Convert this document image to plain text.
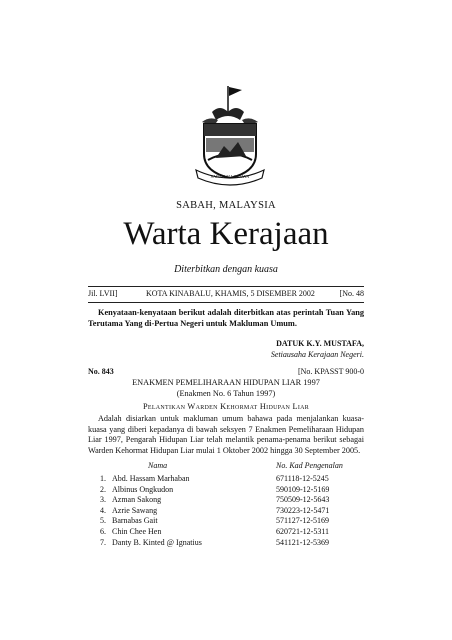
SABAH MAJU JAYA
SABAH, MALAYSIA
Warta Kerajaan
Diterbitkan dengan kuasa
Jil. LVII]	KOTA KINABALU, KHAMIS, 5 DISEMBER 2002	[No. 48

Kenyataan-kenyataan berikut adalah diterbitkan atas perintah Tuan Yang Terutama Yang di-Pertua Negeri untuk Makluman Umum.

DATUK K.Y. MUSTAFA,
Setiausaha Kerajaan Negeri.
No. 843	[No. KPASST 900-0
ENAKMEN PEMELIHARAAN HIDUPAN LIAR 1997
(Enakmen No. 6 Tahun 1997)
Pelantikan Warden Kehormat Hidupan Liar

Adalah disiarkan untuk makluman umum bahawa pada menjalankan kuasa-kuasa yang diberi kepadanya di bawah seksyen 7 Enakmen Pemeliharaan Hidupan Liar 1997, Pengarah Hidupan Liar telah melantik penama-penama berikut sebagai Warden Kehormat Hidupan Liar mulai 1 Oktober 2002 hingga 30 September 2005.

Nama	No. Kad Pengenalan
1. Abd. Hassam Marhaban	671118-12-5245
2. Albinus Ongkudon	590109-12-5169
3. Azman Sakong	750509-12-5643
4. Azrie Sawang	730223-12-5471
5. Barnabas Gait	571127-12-5169
6. Chin Chee Hen	620721-12-5311
7. Danty B. Kinted @ Ignatius	541121-12-5369
